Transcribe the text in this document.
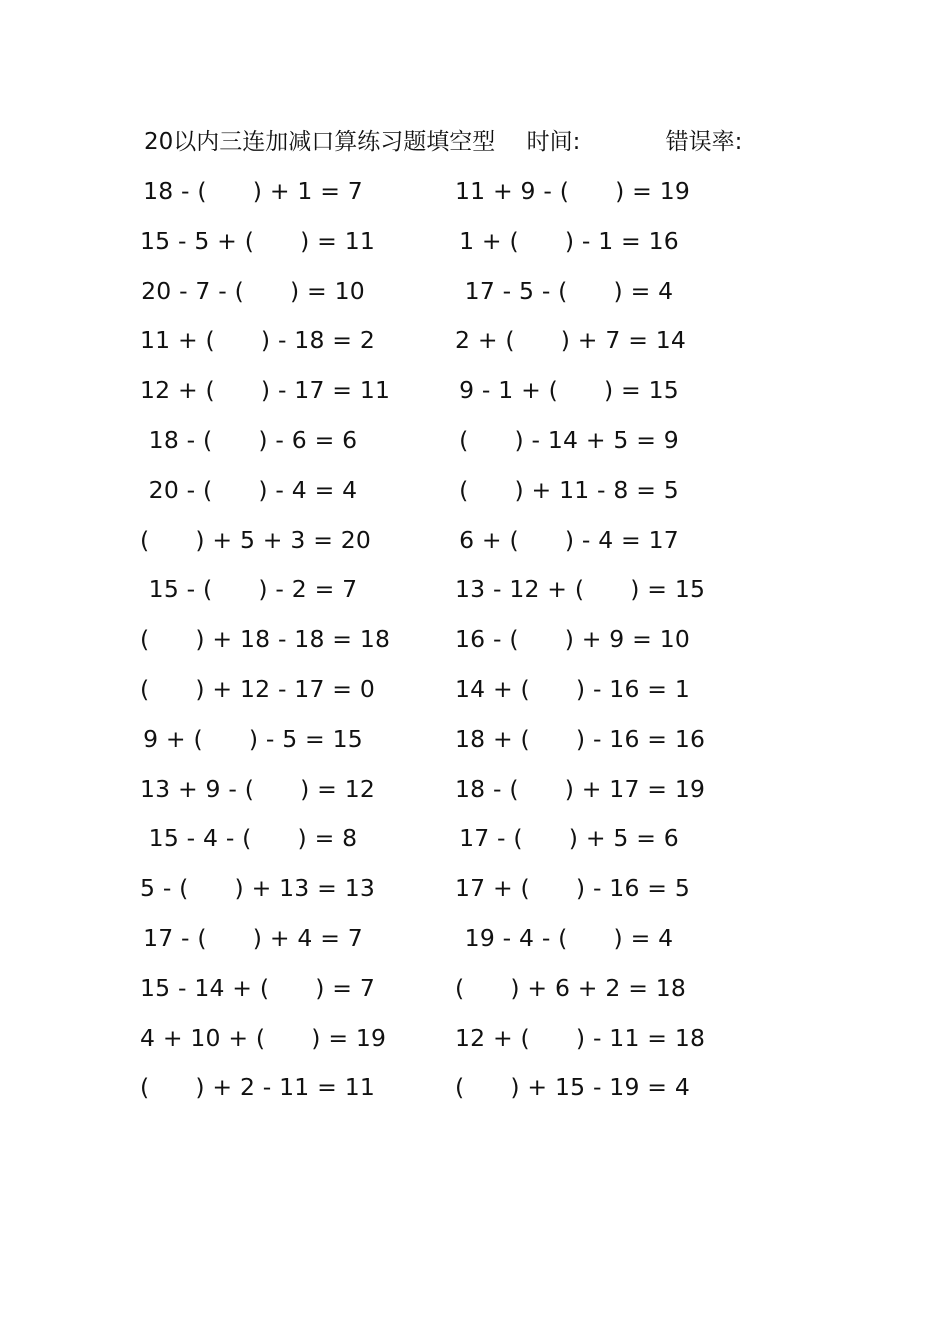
20以内三连加减口算练习题填空型 时间:	错误率:
18 - (      ) + 1 = 7
15 - 5 + (      ) = 11
20 - 7 - (      ) = 10
11 + (      ) - 18 = 2
12 + (      ) - 17 = 11
18 - (      ) - 6 = 6
20 - (      ) - 4 = 4
(      ) + 5 + 3 = 20
15 - (      ) - 2 = 7
(      ) + 18 - 18 = 18
(      ) + 12 - 17 = 0
9 + (      ) - 5 = 15
13 + 9 - (      ) = 12
15 - 4 - (      ) = 8
5 - (      ) + 13 = 13
17 - (      ) + 4 = 7
15 - 14 + (      ) = 7
4 + 10 + (      ) = 19
(      ) + 2 - 11 = 11
11 + 9 - (      ) = 19
1 + (      ) - 1 = 16
17 - 5 - (      ) = 4
2 + (      ) + 7 = 14
9 - 1 + (      ) = 15
(      ) - 14 + 5 = 9
(      ) + 11 - 8 = 5
6 + (      ) - 4 = 17
13 - 12 + (      ) = 15
16 - (      ) + 9 = 10
14 + (      ) - 16 = 1
18 + (      ) - 16 = 16
18 - (      ) + 17 = 19
17 - (      ) + 5 = 6
17 + (      ) - 16 = 5
19 - 4 - (      ) = 4
(      ) + 6 + 2 = 18
12 + (      ) - 11 = 18
(      ) + 15 - 19 = 4
